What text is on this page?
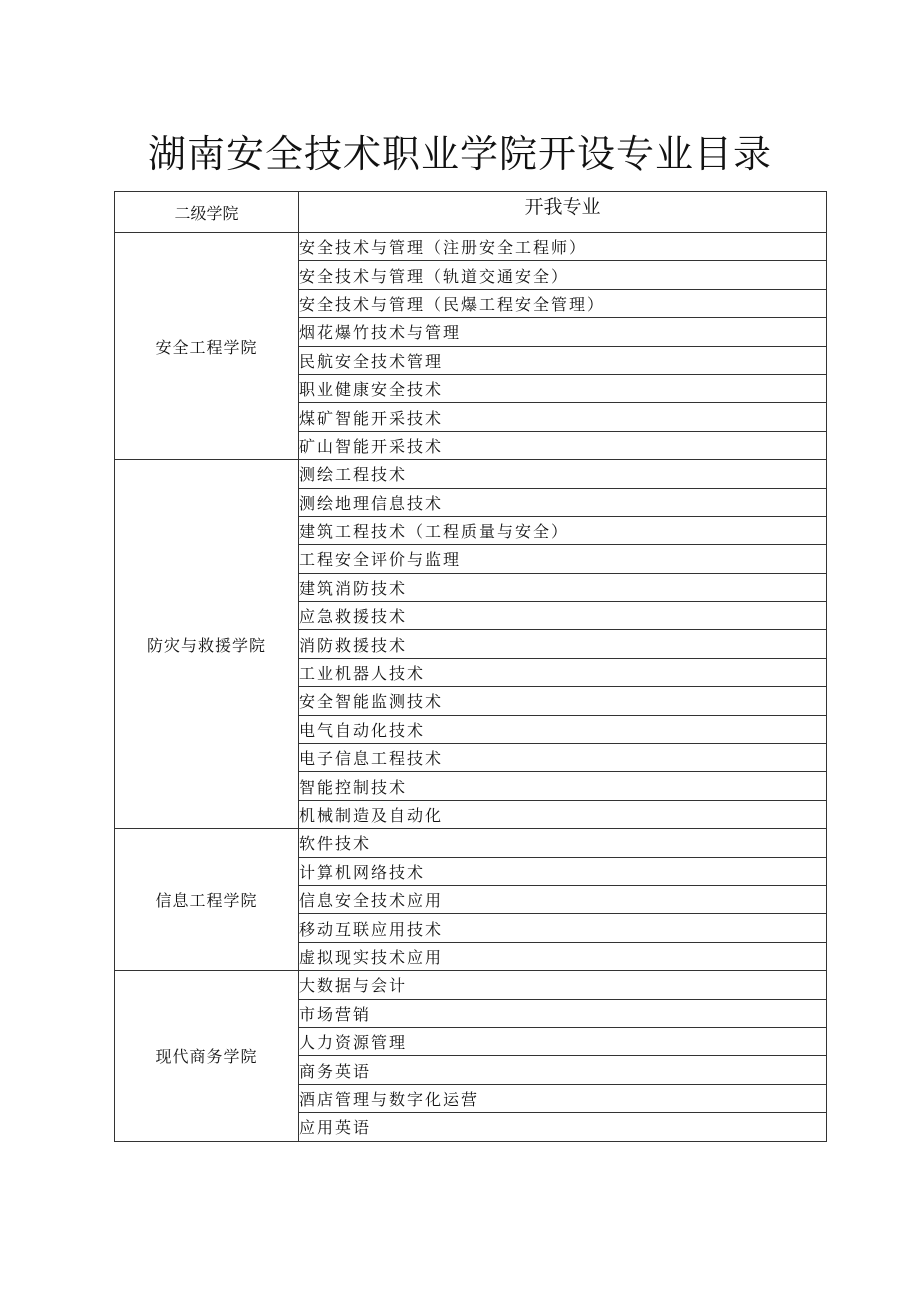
湖南安全技术职业学院开设专业目录
二级学院	开我专业
安全工程学院	安全技术与管理（注册安全工程师）
	安全技术与管理（轨道交通安全）
	安全技术与管理（民爆工程安全管理）
	烟花爆竹技术与管理
	民航安全技术管理
	职业健康安全技术
	煤矿智能开采技术
	矿山智能开采技术
防灾与救援学院	测绘工程技术
	测绘地理信息技术
	建筑工程技术（工程质量与安全）
	工程安全评价与监理
	建筑消防技术
	应急救援技术
	消防救援技术
	工业机器人技术
	安全智能监测技术
	电气自动化技术
	电子信息工程技术
	智能控制技术
	机械制造及自动化
信息工程学院	软件技术
	计算机网络技术
	信息安全技术应用
	移动互联应用技术
	虚拟现实技术应用
现代商务学院	大数据与会计
	市场营销
	人力资源管理
	商务英语
	酒店管理与数字化运营
	应用英语
